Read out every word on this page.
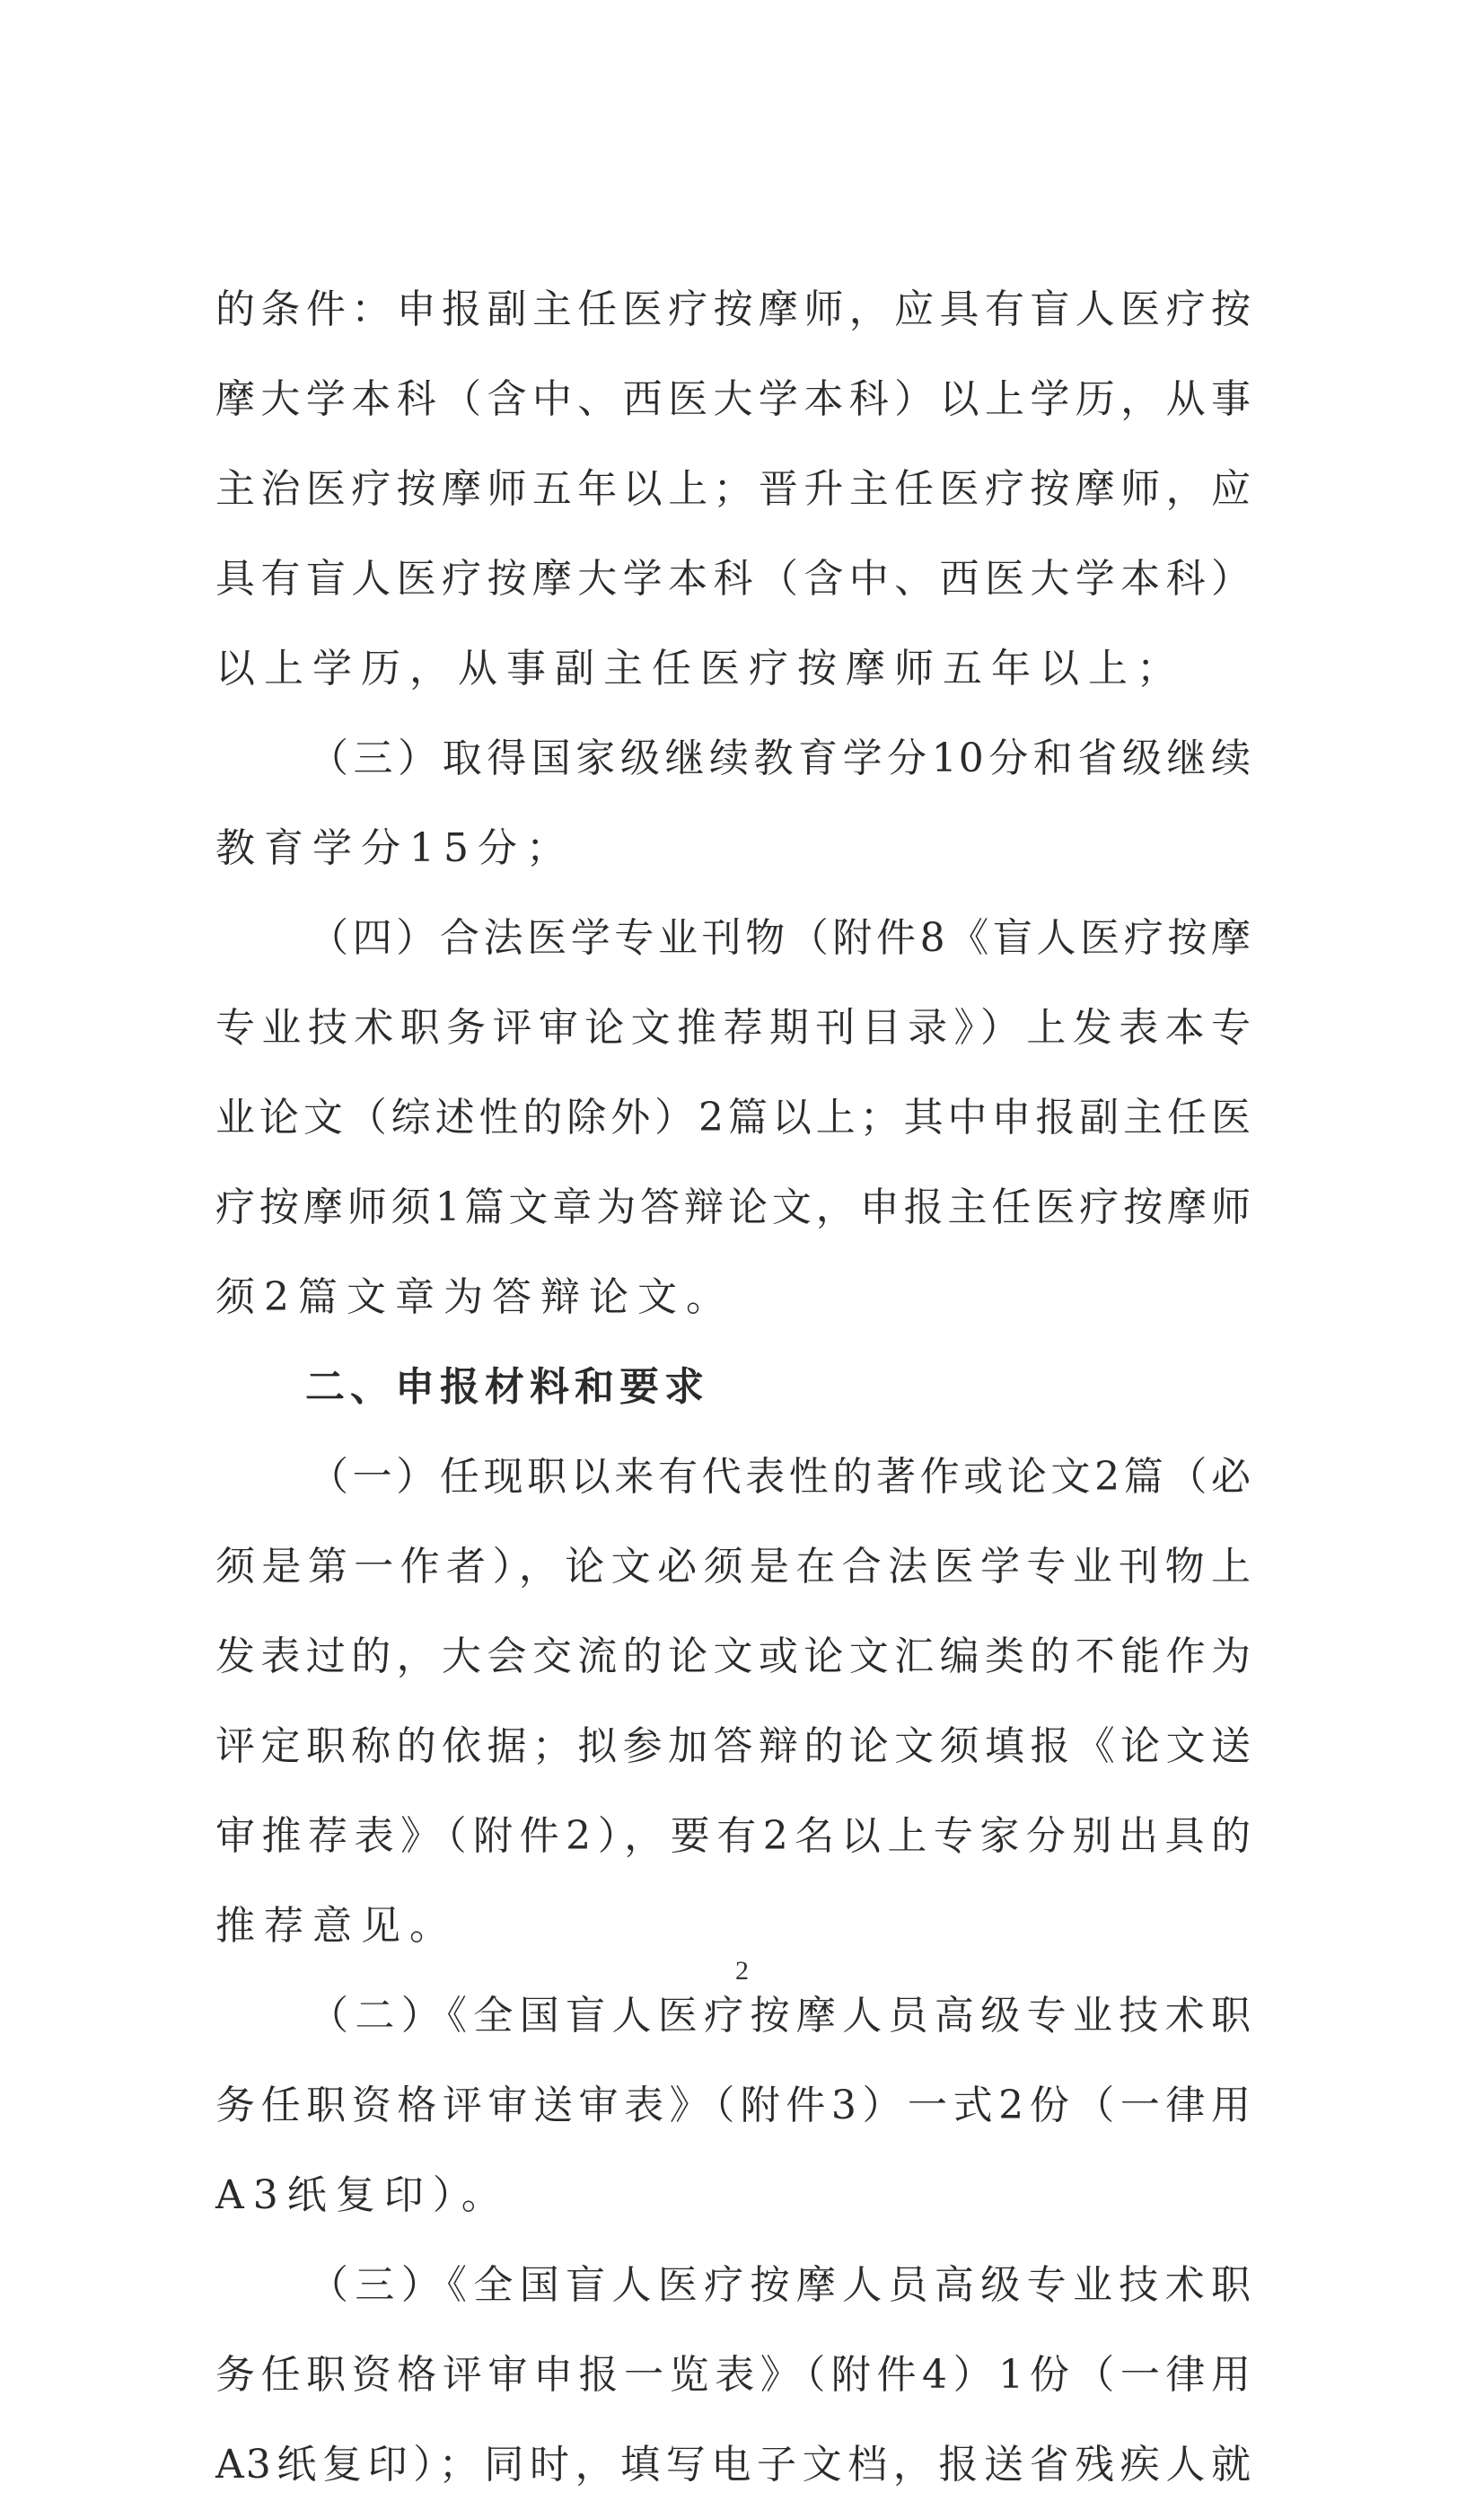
的条件：申报副主任医疗按摩师，应具有盲人医疗按
摩大学本科（含中、西医大学本科）以上学历，从事
主治医疗按摩师五年以上；晋升主任医疗按摩师，应
具有盲人医疗按摩大学本科（含中、西医大学本科）
以上学历，从事副主任医疗按摩师五年以上；
（三）取得国家级继续教育学分10分和省级继续
教育学分15分；
（四）合法医学专业刊物（附件8《盲人医疗按摩
专业技术职务评审论文推荐期刊目录》）上发表本专
业论文（综述性的除外）2篇以上；其中申报副主任医
疗按摩师须1篇文章为答辩论文，申报主任医疗按摩师
须2篇文章为答辩论文。
二、申报材料和要求
（一）任现职以来有代表性的著作或论文2篇（必
须是第一作者），论文必须是在合法医学专业刊物上
发表过的，大会交流的论文或论文汇编类的不能作为
评定职称的依据；拟参加答辩的论文须填报《论文送
审推荐表》（附件2），要有2名以上专家分别出具的
推荐意见。
（二）《全国盲人医疗按摩人员高级专业技术职
务任职资格评审送审表》（附件3）一式2份（一律用
A3纸复印）。
（三）《全国盲人医疗按摩人员高级专业技术职
务任职资格评审申报一览表》（附件4）1份（一律用
A3纸复印）；同时，填写电子文档，报送省残疾人就
2
